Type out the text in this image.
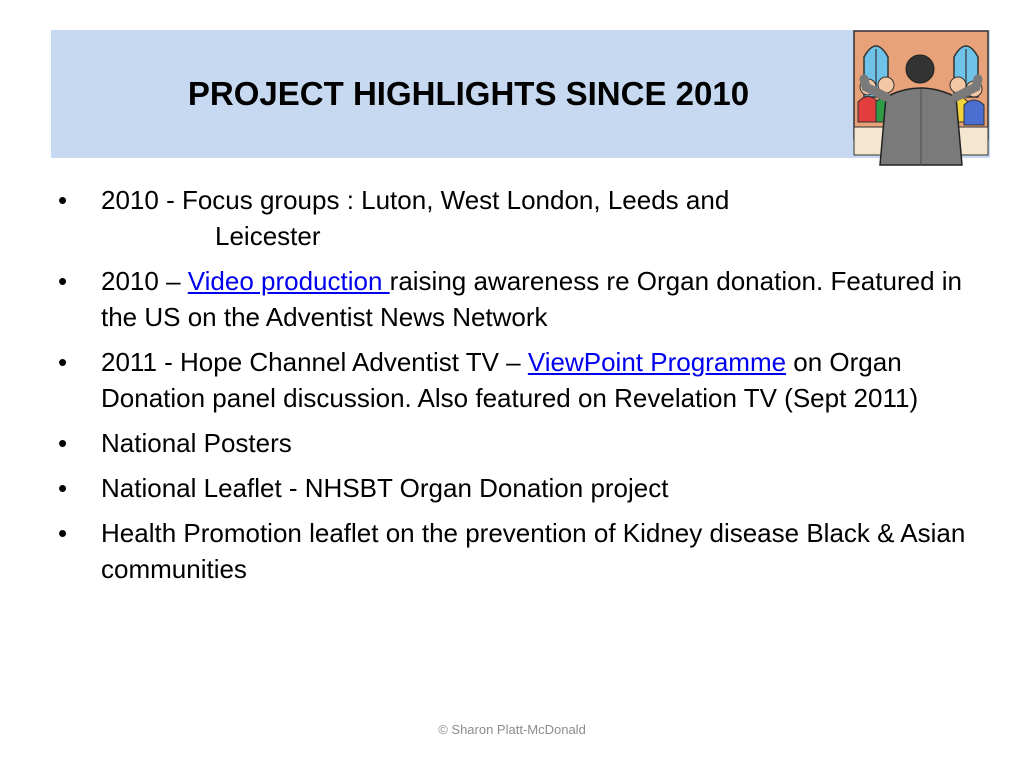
PROJECT HIGHLIGHTS SINCE 2010
•	2010 - Focus groups : Luton, West London, Leeds and
Leicester
•	2010 – Video production raising awareness re Organ donation. Featured in the US on the Adventist News Network
•	2011 - Hope Channel Adventist TV – ViewPoint Programme on Organ Donation panel discussion. Also featured on Revelation TV (Sept 2011)
•	National Posters
•	National Leaflet - NHSBT Organ Donation project
•	Health Promotion leaflet on the prevention of Kidney disease Black & Asian communities
© Sharon Platt-McDonald
